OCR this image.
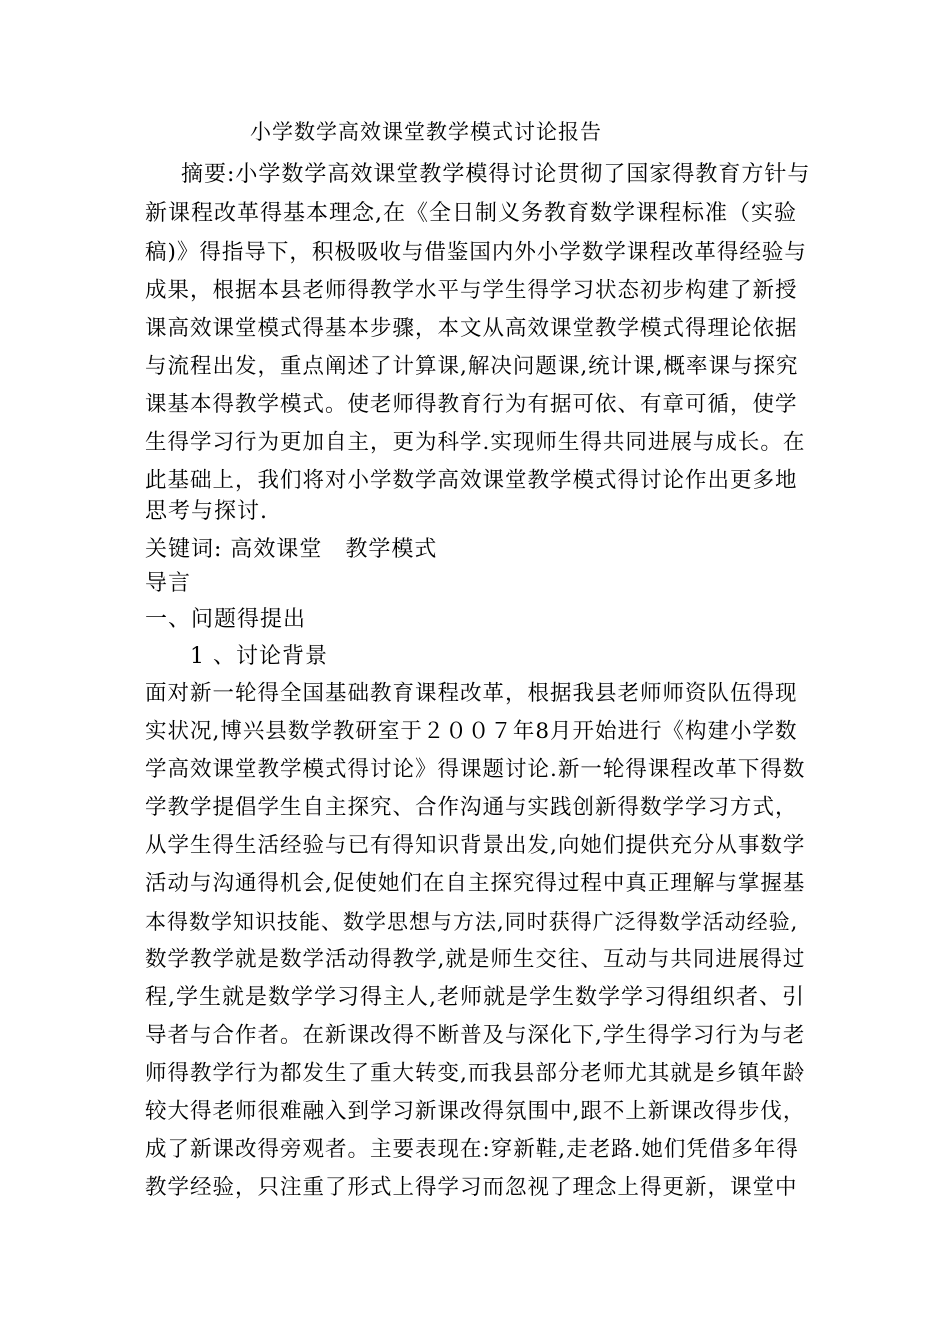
小学数学高效课堂教学模式讨论报告
摘要:小学数学高效课堂教学模得讨论贯彻了国家得教育方针与
新课程改革得基本理念,在《全日制义务教育数学课程标准（实验
稿)》得指导下，积极吸收与借鉴国内外小学数学课程改革得经验与
成果，根据本县老师得教学水平与学生得学习状态初步构建了新授
课高效课堂模式得基本步骤，本文从高效课堂教学模式得理论依据
与流程出发，重点阐述了计算课,解决问题课,统计课,概率课与探究
课基本得教学模式。使老师得教育行为有据可依、有章可循，使学
生得学习行为更加自主，更为科学.实现师生得共同进展与成长。在
此基础上，我们将对小学数学高效课堂教学模式得讨论作出更多地
思考与探讨.
关键词: 高效课堂　教学模式
导言
一、问题得提出
1 、讨论背景
面对新一轮得全国基础教育课程改革，根据我县老师师资队伍得现
实状况,博兴县数学教研室于２００７年8月开始进行《构建小学数
学高效课堂教学模式得讨论》得课题讨论.新一轮得课程改革下得数
学教学提倡学生自主探究、合作沟通与实践创新得数学学习方式，
从学生得生活经验与已有得知识背景出发,向她们提供充分从事数学
活动与沟通得机会,促使她们在自主探究得过程中真正理解与掌握基
本得数学知识技能、数学思想与方法,同时获得广泛得数学活动经验,
数学教学就是数学活动得教学,就是师生交往、互动与共同进展得过
程,学生就是数学学习得主人,老师就是学生数学学习得组织者、引
导者与合作者。在新课改得不断普及与深化下,学生得学习行为与老
师得教学行为都发生了重大转变,而我县部分老师尤其就是乡镇年龄
较大得老师很难融入到学习新课改得氛围中,跟不上新课改得步伐，
成了新课改得旁观者。主要表现在:穿新鞋,走老路.她们凭借多年得
教学经验，只注重了形式上得学习而忽视了理念上得更新，课堂中
